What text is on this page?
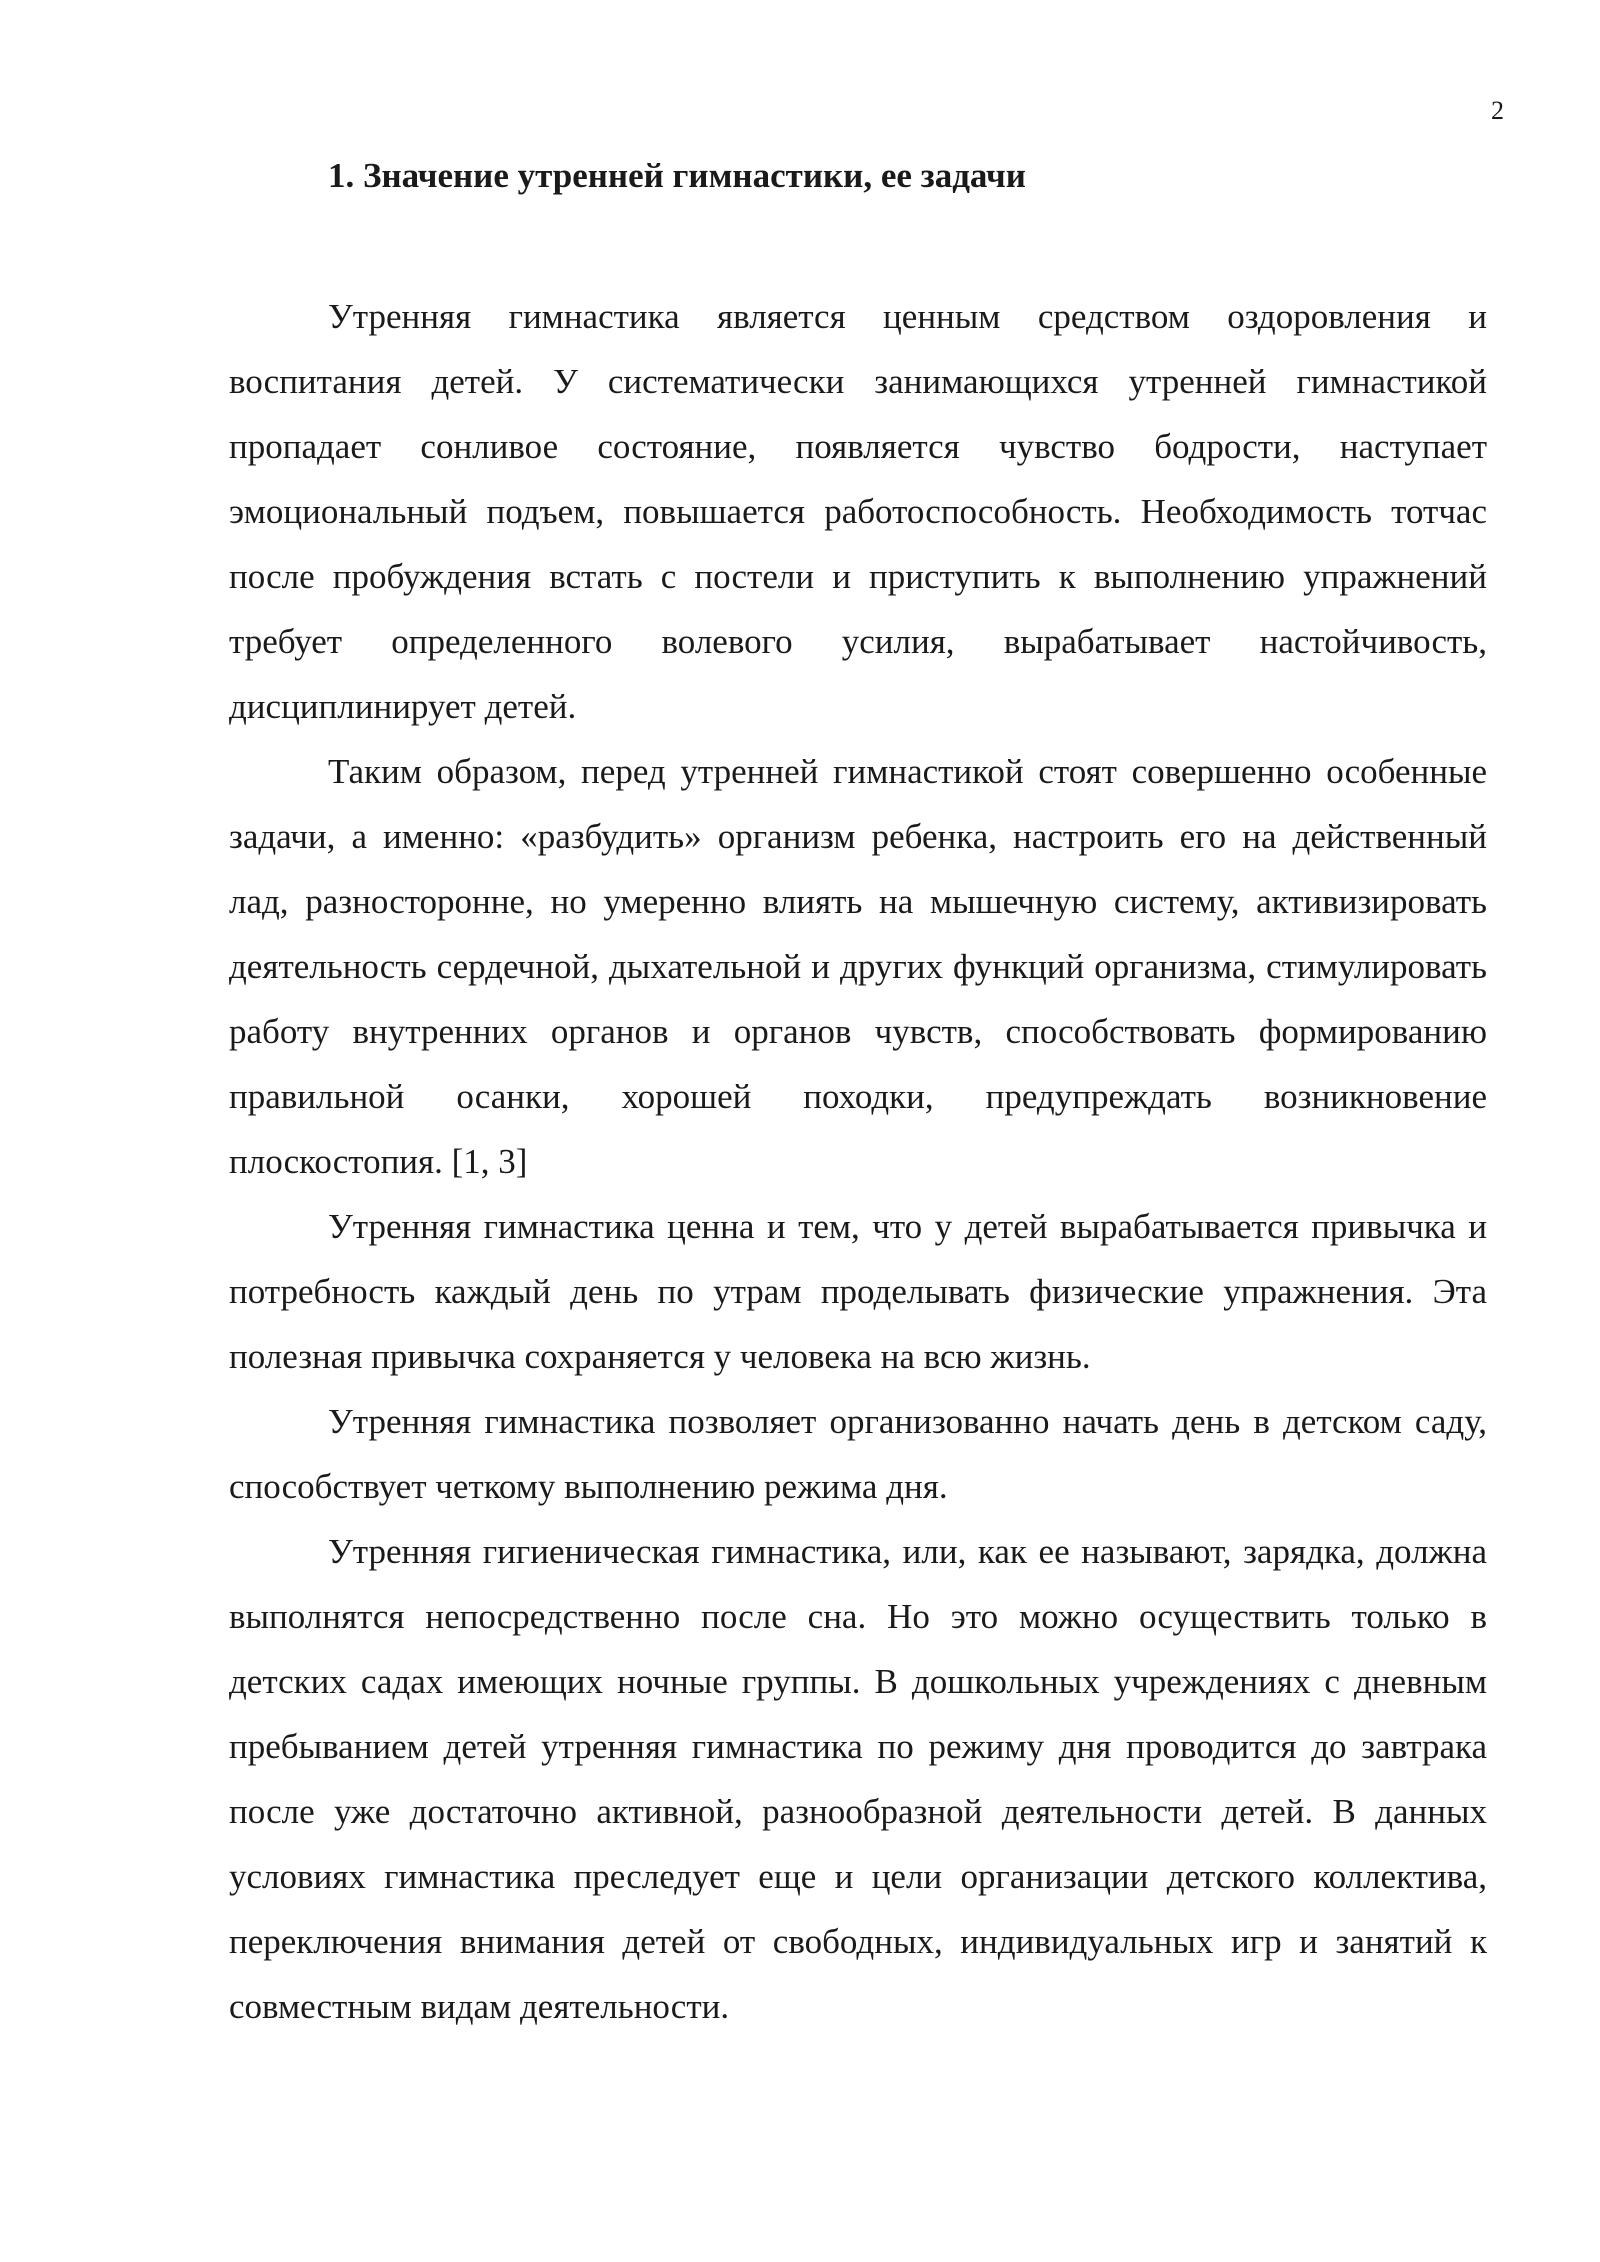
2
1. Значение утренней гимнастики, ее задачи

Утренняя гимнастика является ценным средством оздоровления и воспитания детей. У систематически занимающихся утренней гимнастикой пропадает сонливое состояние, появляется чувство бодрости, наступает эмоциональный подъем, повышается работоспособность. Необходимость тотчас после пробуждения встать с постели и приступить к выполнению упражнений требует определенного волевого усилия, вырабатывает настойчивость, дисциплинирует детей.

Таким образом, перед утренней гимнастикой стоят совершенно особенные задачи, а именно: «разбудить» организм ребенка, настроить его на действенный лад, разносторонне, но умеренно влиять на мышечную систему, активизировать деятельность сердечной, дыхательной и других функций организма, стимулировать работу внутренних органов и органов чувств, способствовать формированию правильной осанки, хорошей походки, предупреждать возникновение плоскостопия. [1, 3]

Утренняя гимнастика ценна и тем, что у детей вырабатывается привычка и потребность каждый день по утрам проделывать физические упражнения. Эта полезная привычка сохраняется у человека на всю жизнь.

Утренняя гимнастика позволяет организованно начать день в детском саду, способствует четкому выполнению режима дня.

Утренняя гигиеническая гимнастика, или, как ее называют, зарядка, должна выполнятся непосредственно после сна. Но это можно осуществить только в детских садах имеющих ночные группы. В дошкольных учреждениях с дневным пребыванием детей утренняя гимнастика по режиму дня проводится до завтрака после уже достаточно активной, разнообразной деятельности детей. В данных условиях гимнастика преследует еще и цели организации детского коллектива, переключения внимания детей от свободных, индивидуальных игр и занятий к совместным видам деятельности.
